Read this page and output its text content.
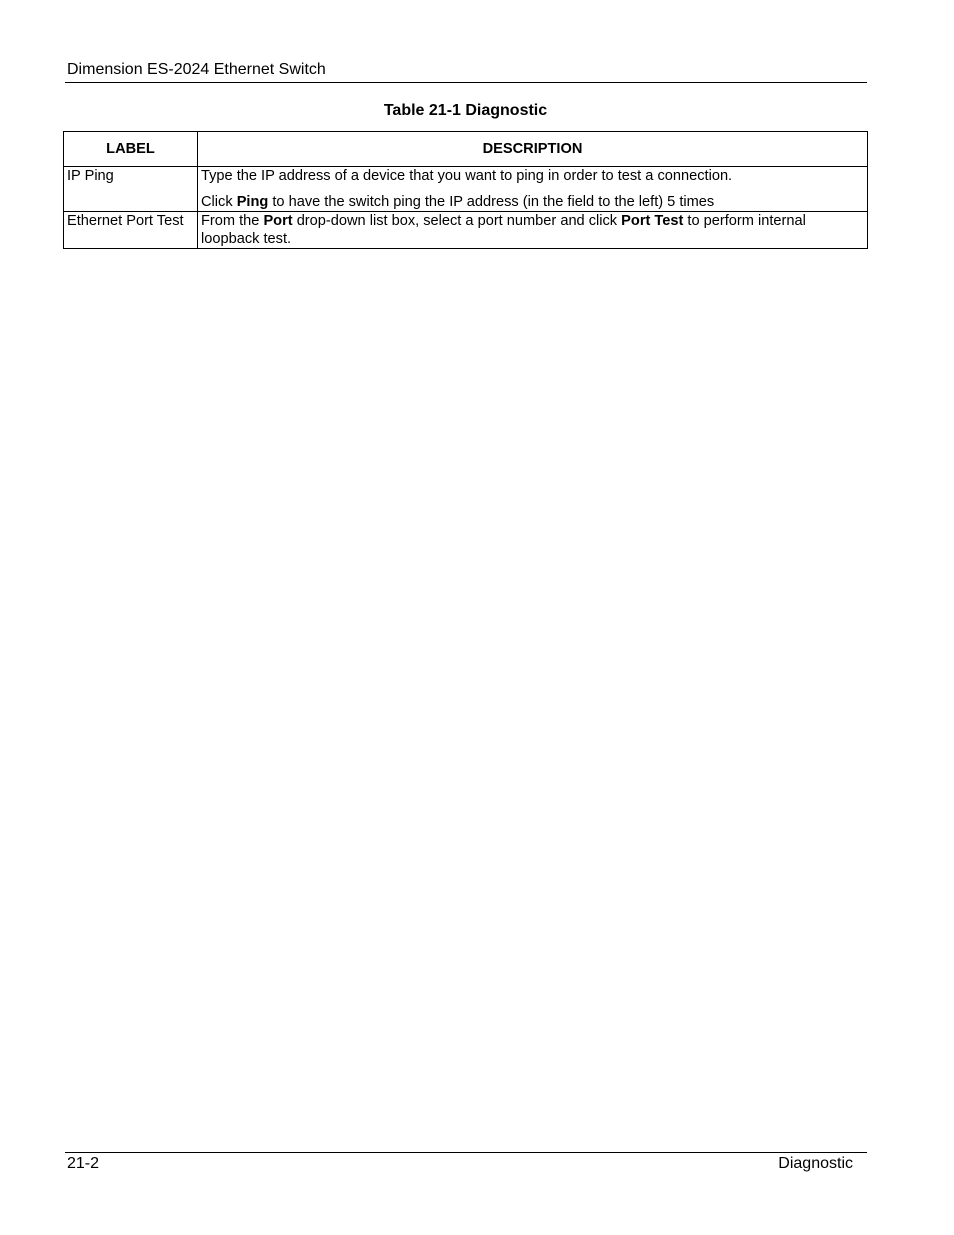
Dimension ES-2024 Ethernet Switch
Table 21-1 Diagnostic
LABEL	DESCRIPTION
IP Ping	Type the IP address of a device that you want to ping in order to test a connection.

Click Ping to have the switch ping the IP address (in the field to the left) 5 times

Ethernet Port Test	From the Port drop-down list box, select a port number and click Port Test to perform internal loopback test.

21-2	Diagnostic
